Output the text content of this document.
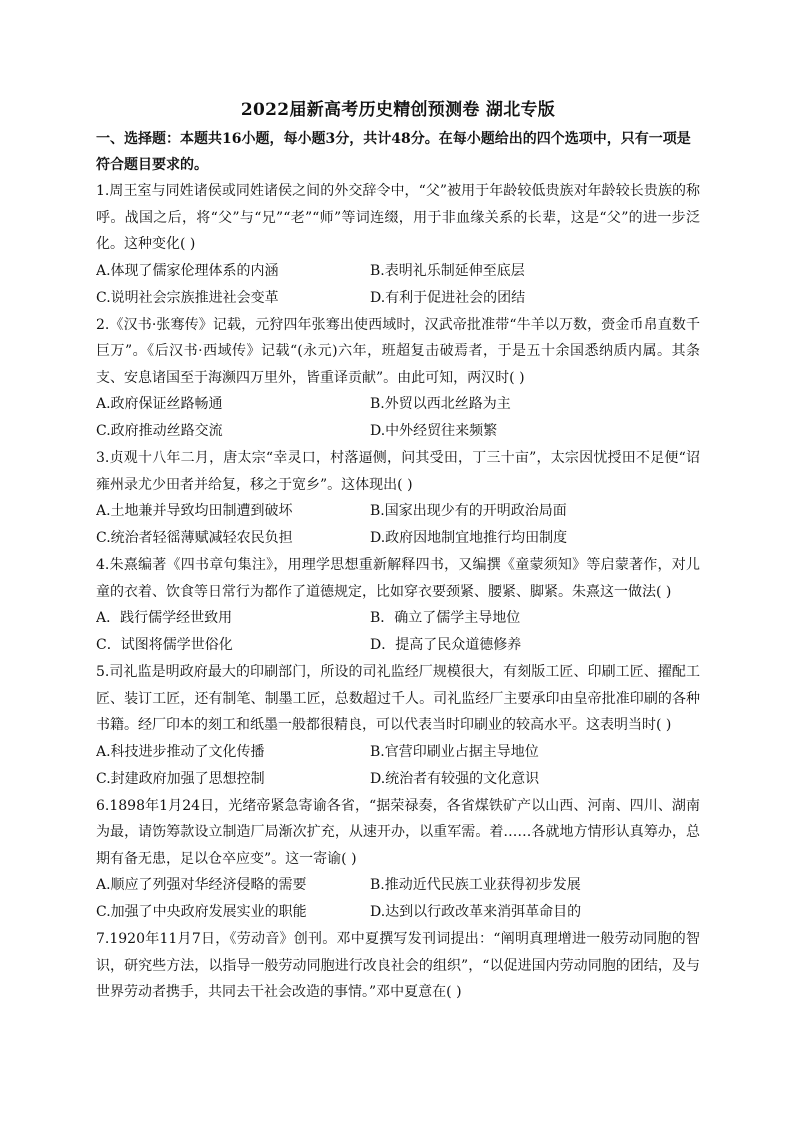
2022届新高考历史精创预测卷 湖北专版

一、选择题：本题共16小题，每小题3分，共计48分。在每小题给出的四个选项中，只有一项是符合题目要求的。

1.周王室与同姓诸侯或同姓诸侯之间的外交辞令中，“父”被用于年龄较低贵族对年龄较长贵族的称呼。战国之后，将“父”与“兄”“老”“师”等词连缀，用于非血缘关系的长辈，这是“父”的进一步泛化。这种变化( )

A.体现了儒家伦理体系的内涵	B.表明礼乐制延伸至底层
C.说明社会宗族推进社会变革	D.有利于促进社会的团结

2.《汉书·张骞传》记载，元狩四年张骞出使西域时，汉武帝批准带“牛羊以万数，赍金币帛直数千巨万”。《后汉书·西域传》记载“(永元)六年，班超复击破焉者，于是五十余国悉纳质内属。其条支、安息诸国至于海濒四万里外，皆重译贡献”。由此可知，两汉时( )

A.政府保证丝路畅通	B.外贸以西北丝路为主
C.政府推动丝路交流	D.中外经贸往来频繁

3.贞观十八年二月，唐太宗“幸灵口，村落逼侧，问其受田，丁三十亩”，太宗因忧授田不足便“诏雍州录尤少田者并给复，移之于宽乡”。这体现出( )

A.土地兼并导致均田制遭到破坏	B.国家出现少有的开明政治局面
C.统治者轻徭薄赋减轻农民负担	D.政府因地制宜地推行均田制度

4.朱熹编著《四书章句集注》，用理学思想重新解释四书，又编撰《童蒙须知》等启蒙著作，对儿童的衣着、饮食等日常行为都作了道德规定，比如穿衣要颈紧、腰紧、脚紧。朱熹这一做法( )

A．践行儒学经世致用	B．确立了儒学主导地位
C．试图将儒学世俗化	D．提高了民众道德修养

5.司礼监是明政府最大的印刷部门，所设的司礼监经厂规模很大，有刻版工匠、印刷工匠、擢配工匠、装订工匠，还有制笔、制墨工匠，总数超过千人。司礼监经厂主要承印由皇帝批准印刷的各种书籍。经厂印本的刻工和纸墨一般都很精良，可以代表当时印刷业的较高水平。这表明当时( )

A.科技进步推动了文化传播	B.官营印刷业占据主导地位
C.封建政府加强了思想控制	D.统治者有较强的文化意识

6.1898年1月24日，光绪帝紧急寄谕各省，“据荣禄奏，各省煤铁矿产以山西、河南、四川、湖南为最，请饬筹款设立制造厂局渐次扩充，从速开办，以重军需。着……各就地方情形认真筹办，总期有备无患，足以仓卒应变”。这一寄谕( )

A.顺应了列强对华经济侵略的需要	B.推动近代民族工业获得初步发展
C.加强了中央政府发展实业的职能	D.达到以行政改革来消弭革命目的

7.1920年11月7日，《劳动音》创刊。邓中夏撰写发刊词提出：“阐明真理增进一般劳动同胞的智识，研究些方法，以指导一般劳动同胞进行改良社会的组织”，“以促进国内劳动同胞的团结，及与世界劳动者携手，共同去干社会改造的事情。”邓中夏意在( )
